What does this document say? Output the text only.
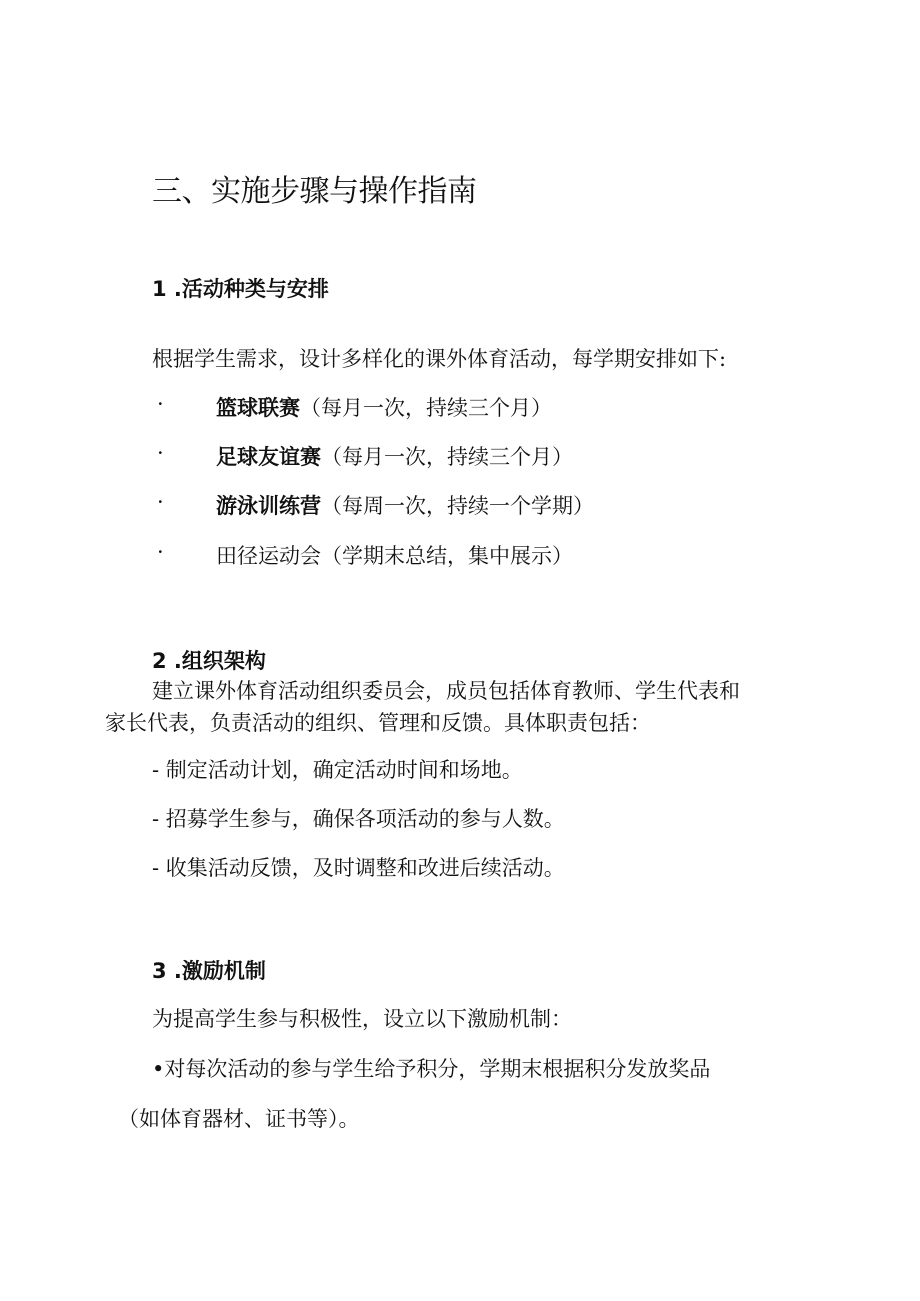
三、实施步骤与操作指南
1 .活动种类与安排
根据学生需求，设计多样化的课外体育活动，每学期安排如下:
· 篮球联赛（每月一次，持续三个月）
· 足球友谊赛（每月一次，持续三个月）
· 游泳训练营（每周一次，持续一个学期）
· 田径运动会（学期末总结，集中展示）
2 .组织架构
建立课外体育活动组织委员会，成员包括体育教师、学生代表和
家长代表，负责活动的组织、管理和反馈。具体职责包括：
- 制定活动计划，确定活动时间和场地。
- 招募学生参与，确保各项活动的参与人数。
- 收集活动反馈，及时调整和改进后续活动。
3 .激励机制
为提高学生参与积极性，设立以下激励机制：
•对每次活动的参与学生给予积分，学期末根据积分发放奖品
（如体育器材、证书等）。
